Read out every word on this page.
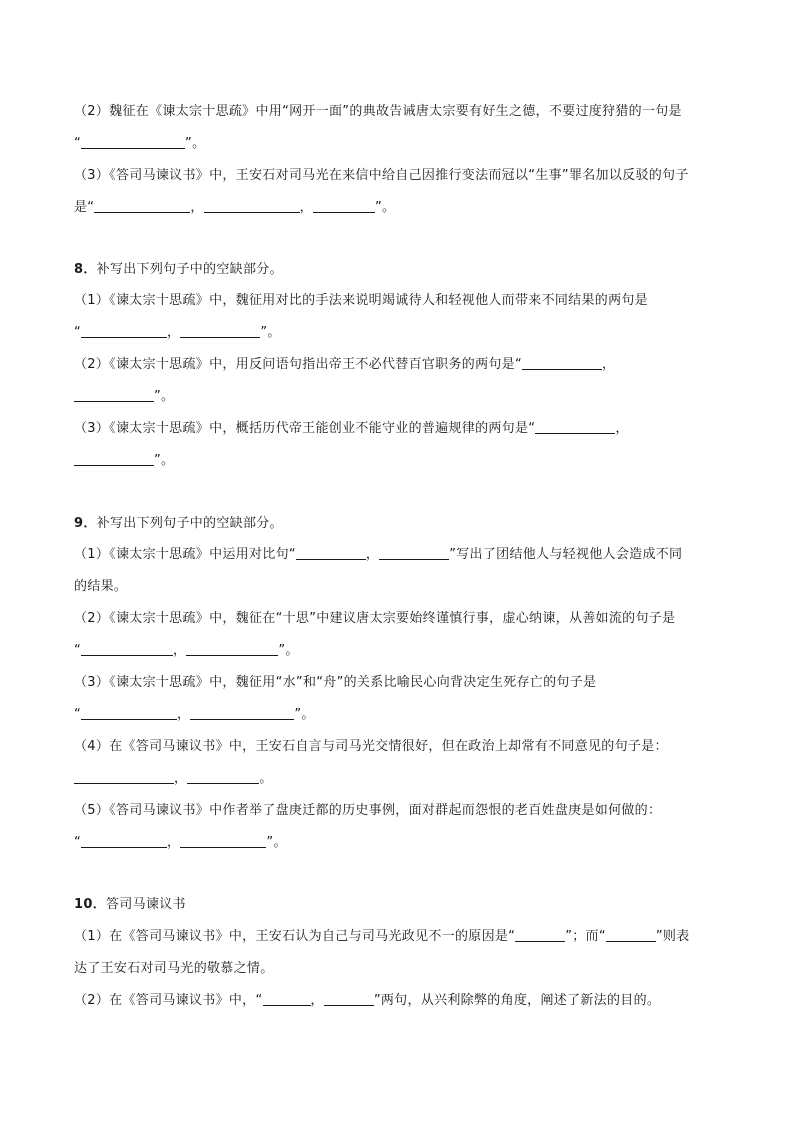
（2）魏征在《谏太宗十思疏》中用“网开一面”的典故告诫唐太宗要有好生之德，不要过度狩猎的一句是
“	”。
（3）《答司马谏议书》中，王安石对司马光在来信中给自己因推行变法而冠以“生事”罪名加以反驳的句子
是“	，	，	”。
8．补写出下列句子中的空缺部分。
（1）《谏太宗十思疏》中，魏征用对比的手法来说明竭诚待人和轻视他人而带来不同结果的两句是
“	，	”。
（2）《谏太宗十思疏》中，用反问语句指出帝王不必代替百官职务的两句是“	，
”。
（3）《谏太宗十思疏》中，概括历代帝王能创业不能守业的普遍规律的两句是“	，
”。
9．补写出下列句子中的空缺部分。
（1）《谏太宗十思疏》中运用对比句“	，	”写出了团结他人与轻视他人会造成不同
的结果。
（2）《谏太宗十思疏》中，魏征在“十思”中建议唐太宗要始终谨慎行事，虚心纳谏，从善如流的句子是
“	，	”。
（3）《谏太宗十思疏》中，魏征用“水”和“舟”的关系比喻民心向背决定生死存亡的句子是
“	，	”。
（4）在《答司马谏议书》中，王安石自言与司马光交情很好，但在政治上却常有不同意见的句子是：
，	。
（5）《答司马谏议书》中作者举了盘庚迁都的历史事例，面对群起而怨恨的老百姓盘庚是如何做的：
“	，	”。
10．答司马谏议书
（1）在《答司马谏议书》中，王安石认为自己与司马光政见不一的原因是“	”；而“	”则表
达了王安石对司马光的敬慕之情。
（2）在《答司马谏议书》中，“	，	”两句，从兴利除弊的角度，阐述了新法的目的。
